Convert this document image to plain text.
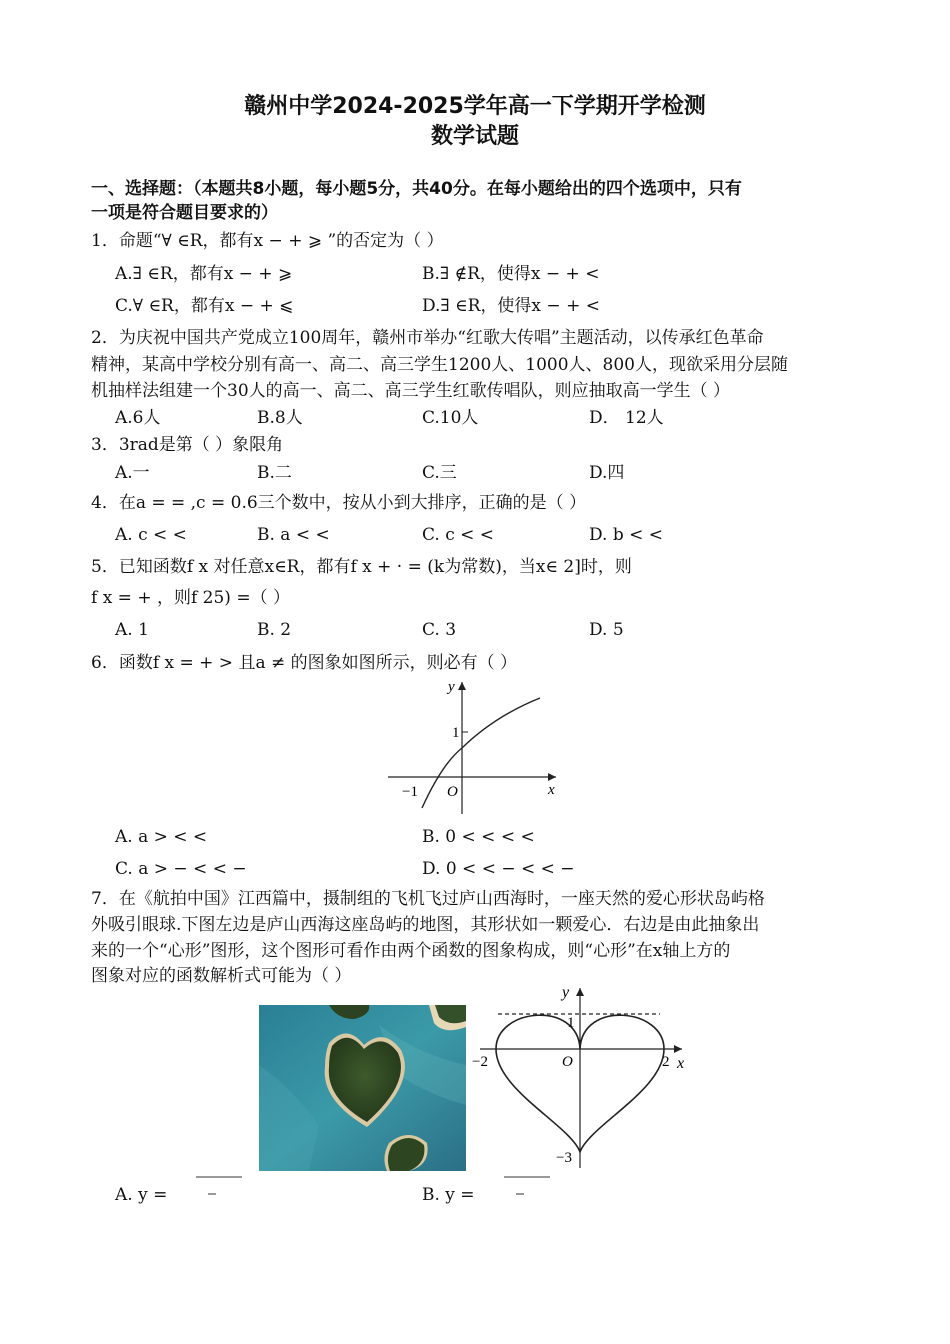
赣州中学2024-2025学年高一下学期开学检测
数学试题
一、选择题：（本题共8小题，每小题5分，共40分。在每小题给出的四个选项中，只有
一项是符合题目要求的）
1．命题“∀ ∈R，都有x − + ⩾ ”的否定为（ ）
A.∃ ∈R，都有x − + ⩾	B.∃ ∉R，使得x − + <
C.∀ ∈R，都有x − + ⩽	D.∃ ∈R，使得x − + <
2．为庆祝中国共产党成立100周年，赣州市举办“红歌大传唱”主题活动，以传承红色革命
精神，某高中学校分别有高一、高二、高三学生1200人、1000人、800人，现欲采用分层随
机抽样法组建一个30人的高一、高二、高三学生红歌传唱队，则应抽取高一学生（ ）
A.6人	B.8人	C.10人	D． 12人
3．3rad是第（ ）象限角
A.一	B.二	C.三	D.四
4．在a = = ,c = 0.6三个数中，按从小到大排序，正确的是（ ）
A. c < <	B. a < <	C. c < <	D. b < <
5．已知函数f x 对任意x∈R，都有f x + · = (k为常数)，当x∈ 2]时，则
f x = + ，则f 25) =（ ）
A. 1	B. 2	C. 3	D. 5
6．函数f x = + > 且a ≠ 的图象如图所示，则必有（ ）
y
x
1
−1 O
A. a > < <	B. 0 < < < <
C. a > − < < −	D. 0 < < − < < −
7．在《航拍中国》江西篇中，摄制组的飞机飞过庐山西海时，一座天然的爱心形状岛屿格
外吸引眼球.下图左边是庐山西海这座岛屿的地图，其形状如一颗爱心．右边是由此抽象出
来的一个“心形”图形，这个图形可看作由两个函数的图象构成，则“心形”在x轴上方的
图象对应的函数解析式可能为（ ）
y
x
1
−2	2
−3
O
A. y =	B. y =
